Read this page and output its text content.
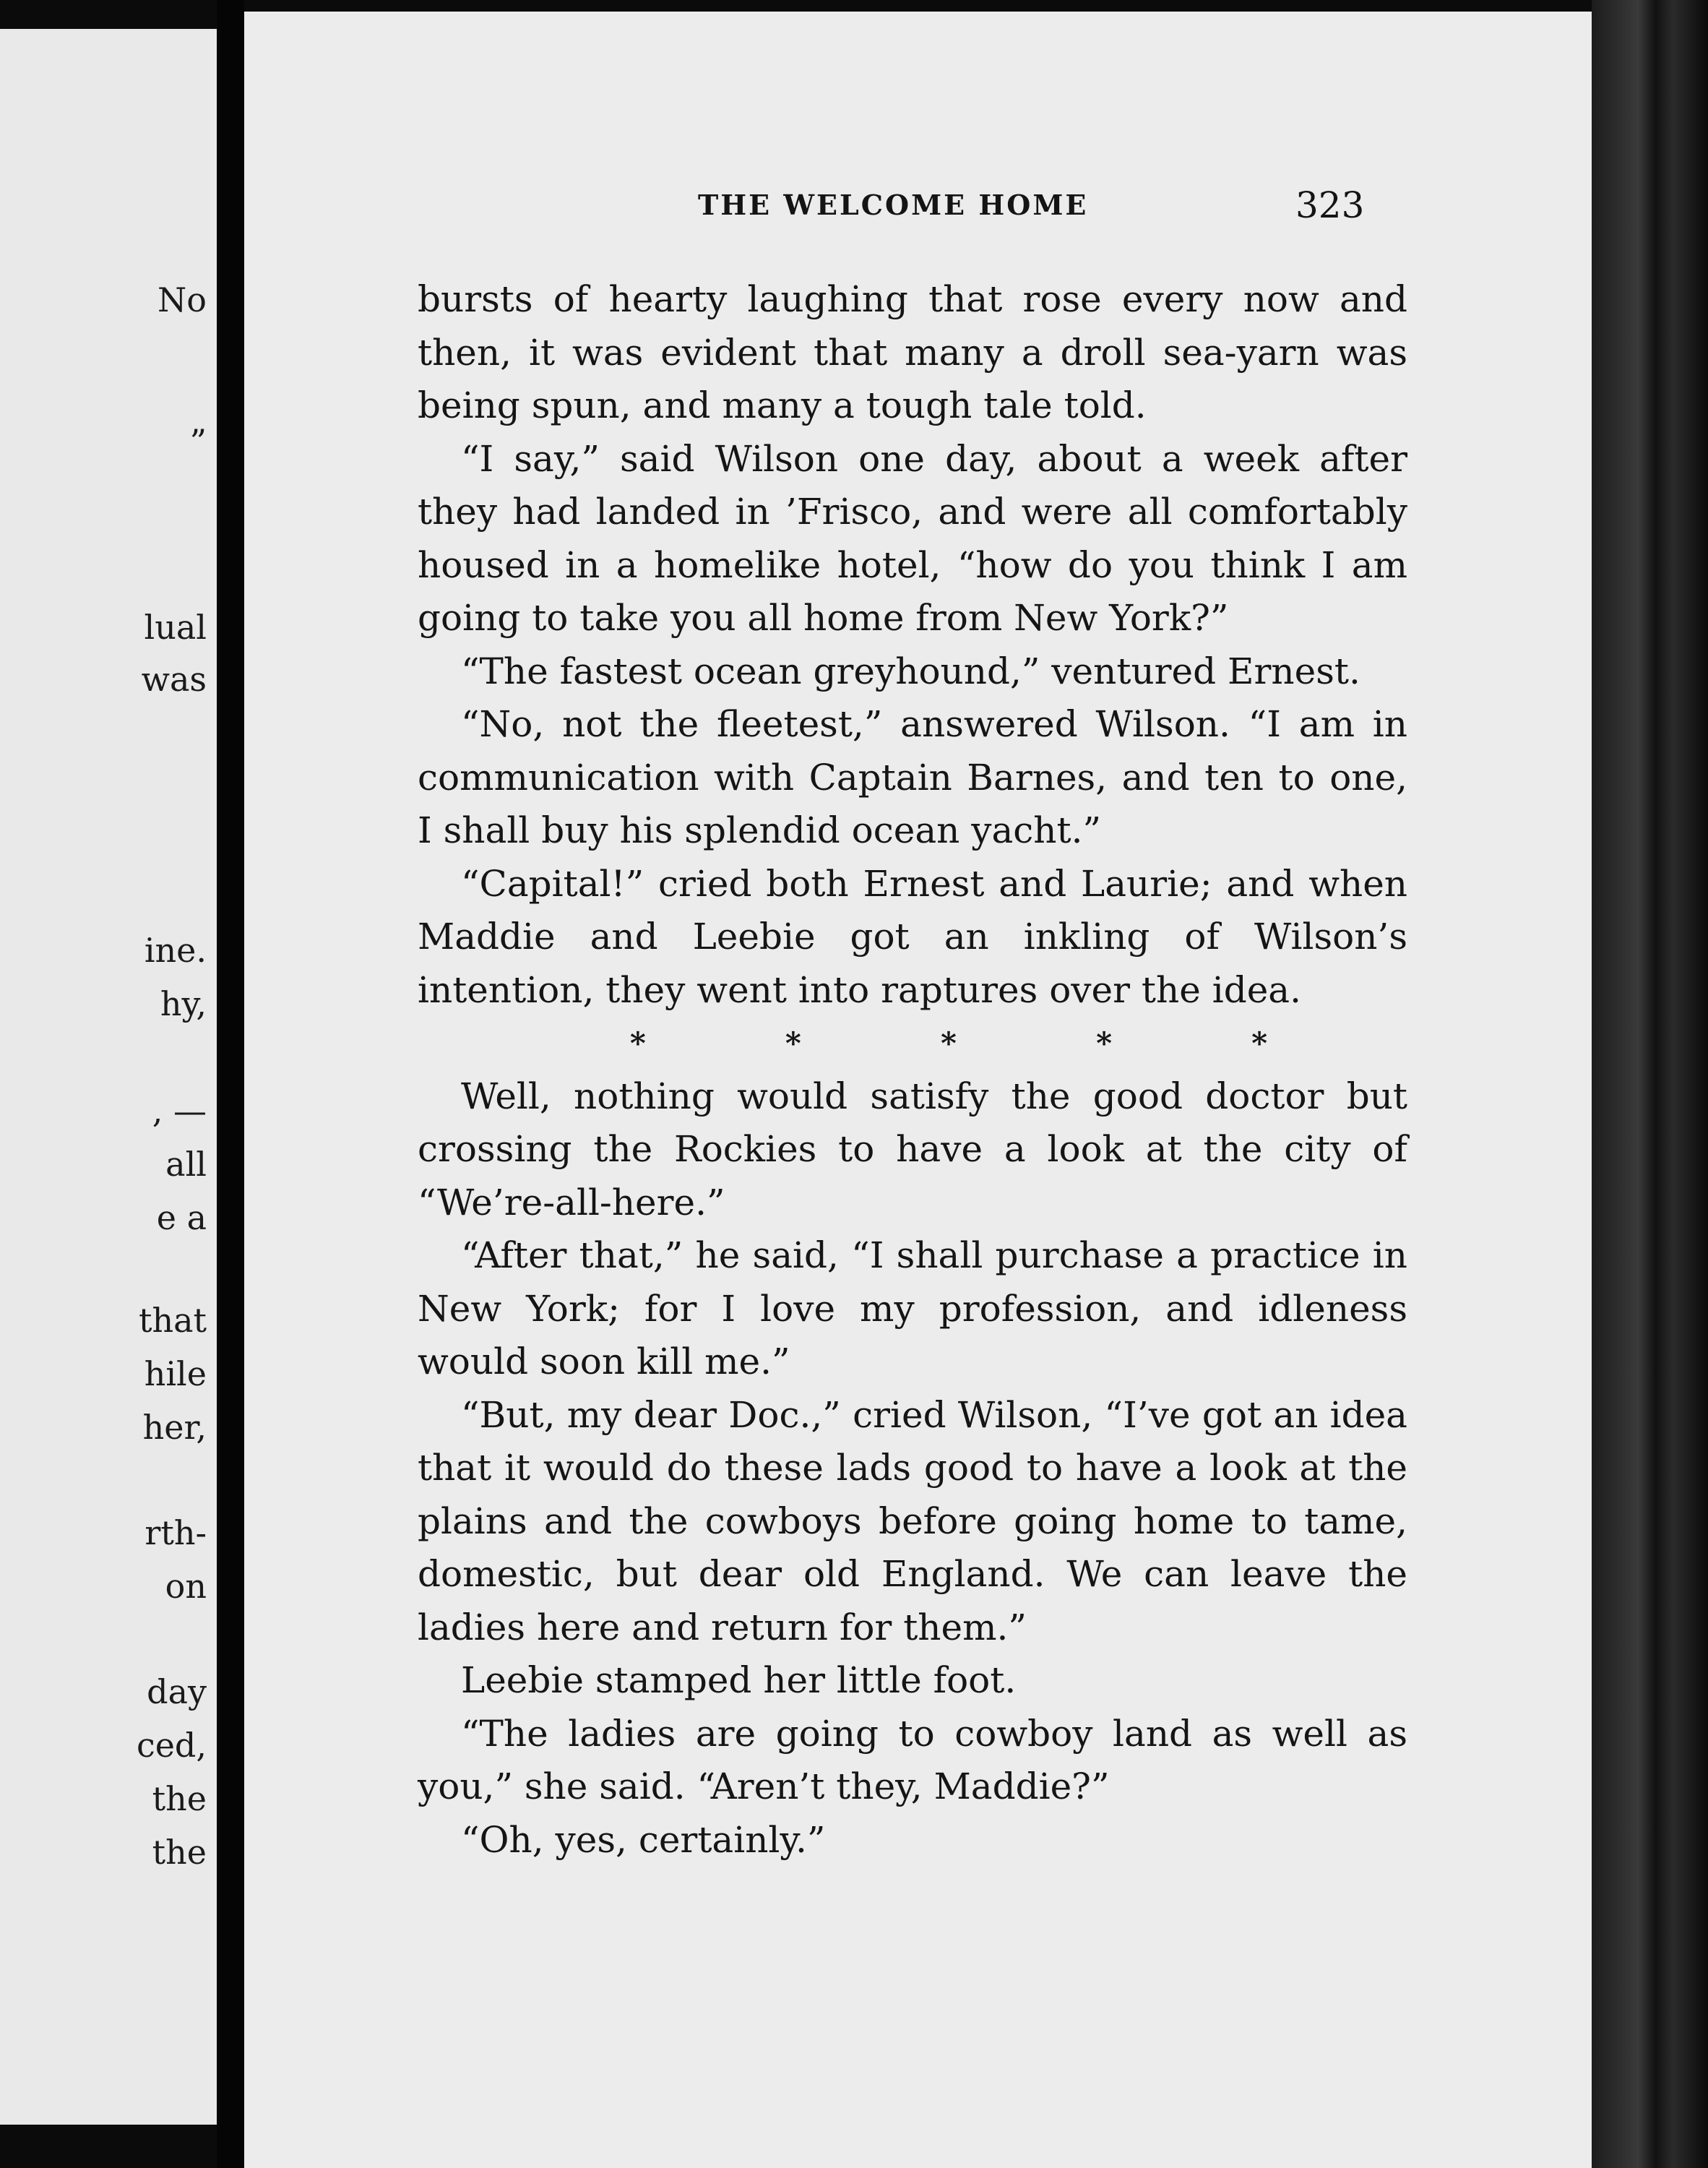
No

”

lual

was

ine.

hy,

, —

all

e a

that

hile

her,

rth-

on

day

ced,

the

the

THE WELCOME HOME	323

bursts of hearty laughing that rose every now and then, it was evident that many a droll sea-yarn was being spun, and many a tough tale told.

“I say,” said Wilson one day, about a week after they had landed in ’Frisco, and were all comfortably housed in a homelike hotel, “how do you think I am going to take you all home from New York?”

“The fastest ocean greyhound,” ventured Ernest.

“No, not the fleetest,” answered Wilson. “I am in communication with Captain Barnes, and ten to one, I shall buy his splendid ocean yacht.”

“Capital!” cried both Ernest and Laurie; and when Maddie and Leebie got an inkling of Wilson’s intention, they went into raptures over the idea.

*     *     *     *     *

Well, nothing would satisfy the good doctor but crossing the Rockies to have a look at the city of “We’re-all-here.”

“After that,” he said, “I shall purchase a practice in New York; for I love my profession, and idleness would soon kill me.”

“But, my dear Doc.,” cried Wilson, “I’ve got an idea that it would do these lads good to have a look at the plains and the cowboys before going home to tame, domestic, but dear old England. We can leave the ladies here and return for them.”

Leebie stamped her little foot.

“The ladies are going to cowboy land as well as you,” she said. “Aren’t they, Maddie?”

“Oh, yes, certainly.”
